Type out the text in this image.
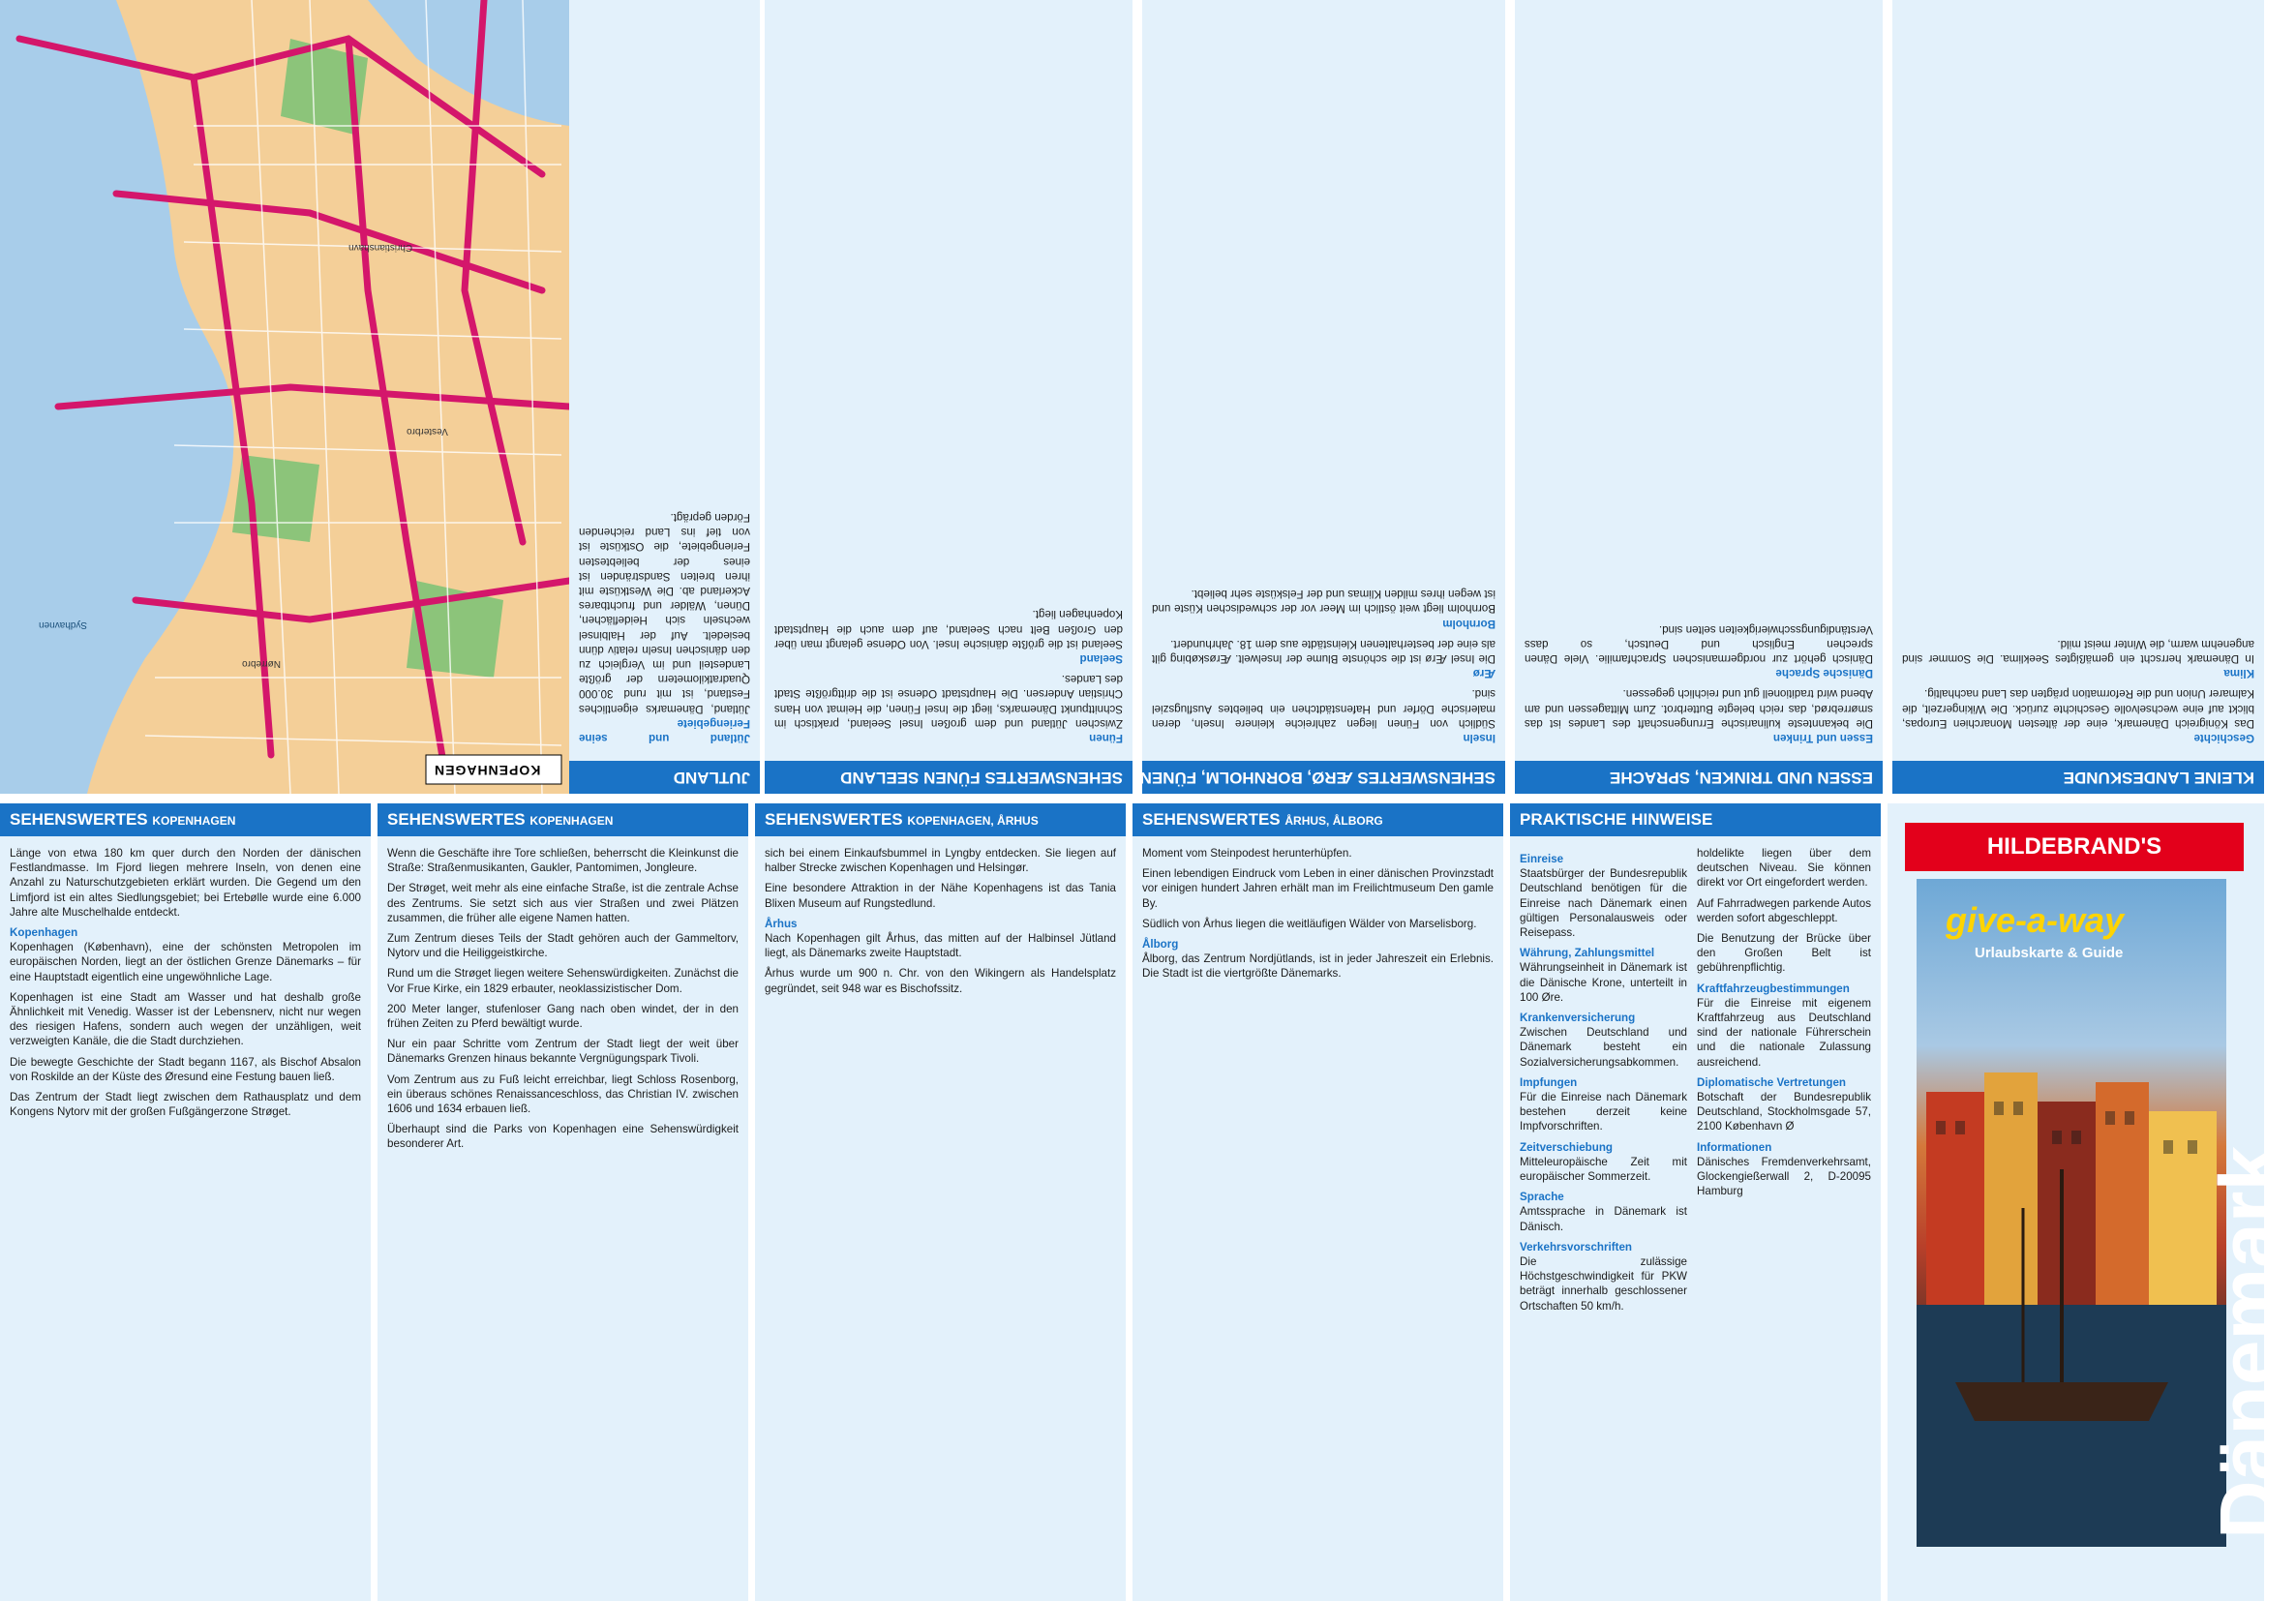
KOPENHAGEN
Christianshavn
Nørrebro
Vesterbro
Sydhavnen
JUTLAND
Jütland und seine Feriengebiete

Jütland, Dänemarks eigentliches Festland, ist mit rund 30.000 Quadratkilometern der größte Landesteil und im Vergleich zu den dänischen Inseln relativ dünn besiedelt. Auf der Halbinsel wechseln sich Heideflächen, Dünen, Wälder und fruchtbares Ackerland ab. Die Westküste mit ihren breiten Sandstränden ist eines der beliebtesten Feriengebiete, die Ostküste ist von tief ins Land reichenden Förden geprägt.

SEHENSWERTES FÜNEN SEELAND
Fünen

Zwischen Jütland und dem großen Insel Seeland, praktisch im Schnittpunkt Dänemarks, liegt die Insel Fünen, die Heimat von Hans Christian Andersen. Die Hauptstadt Odense ist die drittgrößte Stadt des Landes.

Seeland

Seeland ist die größte dänische Insel. Von Odense gelangt man über den Großen Belt nach Seeland, auf dem auch die Hauptstadt Kopenhagen liegt.

SEHENSWERTES ÆRØ, BORNHOLM, FÜNEN
Inseln

Südlich von Fünen liegen zahlreiche kleinere Inseln, deren malerische Dörfer und Hafenstädtchen ein beliebtes Ausflugsziel sind.

Ærø

Die Insel Ærø ist die schönste Blume der Inselwelt. Ærøskøbing gilt als eine der besterhaltenen Kleinstädte aus dem 18. Jahrhundert.

Bornholm

Bornholm liegt weit östlich im Meer vor der schwedischen Küste und ist wegen ihres milden Klimas und der Felsküste sehr beliebt.

ESSEN UND TRINKEN, SPRACHE
Essen und Trinken

Die bekannteste kulinarische Errungenschaft des Landes ist das smørrebrød, das reich belegte Butterbrot. Zum Mittagessen und am Abend wird traditionell gut und reichlich gegessen.

Dänische Sprache

Dänisch gehört zur nordgermanischen Sprachfamilie. Viele Dänen sprechen Englisch und Deutsch, so dass Verständigungsschwierigkeiten selten sind.

KLEINE LANDESKUNDE
Geschichte

Das Königreich Dänemark, eine der ältesten Monarchien Europas, blickt auf eine wechselvolle Geschichte zurück. Die Wikingerzeit, die Kalmarer Union und die Reformation prägten das Land nachhaltig.

Klima

In Dänemark herrscht ein gemäßigtes Seeklima. Die Sommer sind angenehm warm, die Winter meist mild.

SEHENSWERTES KOPENHAGEN

Länge von etwa 180 km quer durch den Norden der dänischen Festlandmasse. Im Fjord liegen mehrere Inseln, von denen eine Anzahl zu Naturschutzgebieten erklärt wurden. Die Gegend um den Limfjord ist ein altes Siedlungsgebiet; bei Ertebølle wurde eine 6.000 Jahre alte Muschelhalde entdeckt.

Kopenhagen

Kopenhagen (København), eine der schönsten Metropolen im europäischen Norden, liegt an der östlichen Grenze Dänemarks – für eine Hauptstadt eigentlich eine ungewöhnliche Lage.

Kopenhagen ist eine Stadt am Wasser und hat deshalb große Ähnlichkeit mit Venedig. Wasser ist der Lebensnerv, nicht nur wegen des riesigen Hafens, sondern auch wegen der unzähligen, weit verzweigten Kanäle, die die Stadt durchziehen.

Die bewegte Geschichte der Stadt begann 1167, als Bischof Absalon von Roskilde an der Küste des Øresund eine Festung bauen ließ.

Das Zentrum der Stadt liegt zwischen dem Rathausplatz und dem Kongens Nytorv mit der großen Fußgängerzone Strøget.

SEHENSWERTES KOPENHAGEN

Wenn die Geschäfte ihre Tore schließen, beherrscht die Kleinkunst die Straße: Straßenmusikanten, Gaukler, Pantomimen, Jongleure.

Der Strøget, weit mehr als eine einfache Straße, ist die zentrale Achse des Zentrums. Sie setzt sich aus vier Straßen und zwei Plätzen zusammen, die früher alle eigene Namen hatten.

Zum Zentrum dieses Teils der Stadt gehören auch der Gammeltorv, Nytorv und die Heiliggeistkirche.

Rund um die Strøget liegen weitere Sehenswürdigkeiten. Zunächst die Vor Frue Kirke, ein 1829 erbauter, neoklassizistischer Dom.

200 Meter langer, stufenloser Gang nach oben windet, der in den frühen Zeiten zu Pferd bewältigt wurde.

Nur ein paar Schritte vom Zentrum der Stadt liegt der weit über Dänemarks Grenzen hinaus bekannte Vergnügungspark Tivoli.

Vom Zentrum aus zu Fuß leicht erreichbar, liegt Schloss Rosenborg, ein überaus schönes Renaissanceschloss, das Christian IV. zwischen 1606 und 1634 erbauen ließ.

Überhaupt sind die Parks von Kopenhagen eine Sehenswürdigkeit besonderer Art.

SEHENSWERTES KOPENHAGEN, ÅRHUS

sich bei einem Einkaufsbummel in Lyngby entdecken. Sie liegen auf halber Strecke zwischen Kopenhagen und Helsingør.

Eine besondere Attraktion in der Nähe Kopenhagens ist das Tania Blixen Museum auf Rungstedlund.

Århus

Nach Kopenhagen gilt Århus, das mitten auf der Halbinsel Jütland liegt, als Dänemarks zweite Hauptstadt.

Århus wurde um 900 n. Chr. von den Wikingern als Handelsplatz gegründet, seit 948 war es Bischofssitz.

SEHENSWERTES ÅRHUS, ÅLBORG

Moment vom Steinpodest herunterhüpfen.

Einen lebendigen Eindruck vom Leben in einer dänischen Provinzstadt vor einigen hundert Jahren erhält man im Freilichtmuseum Den gamle By.

Südlich von Århus liegen die weitläufigen Wälder von Marselisborg.

Ålborg

Ålborg, das Zentrum Nordjütlands, ist in jeder Jahreszeit ein Erlebnis. Die Stadt ist die viertgrößte Dänemarks.

PRAKTISCHE HINWEISE
Einreise

Staatsbürger der Bundesrepublik Deutschland benötigen für die Einreise nach Dänemark einen gültigen Personalausweis oder Reisepass.

Währung, Zahlungsmittel

Währungseinheit in Dänemark ist die Dänische Krone, unterteilt in 100 Øre.

Krankenversicherung

Zwischen Deutschland und Dänemark besteht ein Sozialversicherungsabkommen.

Impfungen

Für die Einreise nach Dänemark bestehen derzeit keine Impfvorschriften.

Zeitverschiebung

Mitteleuropäische Zeit mit europäischer Sommerzeit.

Sprache

Amtssprache in Dänemark ist Dänisch.

Verkehrsvorschriften

Die zulässige Höchstgeschwindigkeit für PKW beträgt innerhalb geschlossener Ortschaften 50 km/h.

holdelikte liegen über dem deutschen Niveau. Sie können direkt vor Ort eingefordert werden.

Auf Fahrradwegen parkende Autos werden sofort abgeschleppt.

Die Benutzung der Brücke über den Großen Belt ist gebührenpflichtig.

Kraftfahrzeugbestimmungen

Für die Einreise mit eigenem Kraftfahrzeug aus Deutschland sind der nationale Führerschein und die nationale Zulassung ausreichend.

Diplomatische Vertretungen

Botschaft der Bundesrepublik Deutschland, Stockholmsgade 57, 2100 København Ø

Informationen

Dänisches Fremdenverkehrsamt, Glockengießerwall 2, D-20095 Hamburg

HILDEBRAND'S
give-a-way
Urlaubskarte & Guide
Dänemark
